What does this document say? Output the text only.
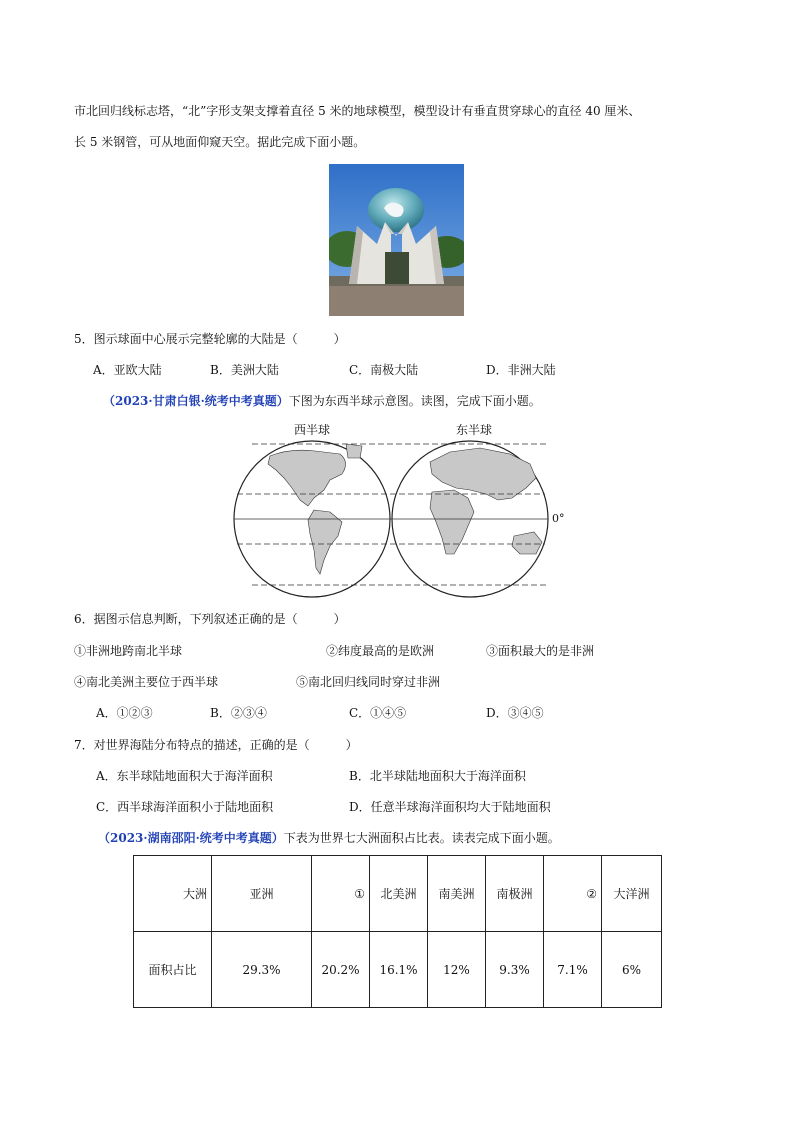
市北回归线标志塔，“北”字形支架支撑着直径 5 米的地球模型，模型设计有垂直贯穿球心的直径 40 厘米、
长 5 米钢管，可从地面仰窥天空。据此完成下面小题。
5．图示球面中心展示完整轮廓的大陆是（　　　）
A．亚欧大陆	B．美洲大陆	C．南极大陆	D．非洲大陆
（2023·甘肃白银·统考中考真题）下图为东西半球示意图。读图，完成下面小题。
西半球	东半球
0°
6．据图示信息判断，下列叙述正确的是（　　　）
①非洲地跨南北半球	②纬度最高的是欧洲	③面积最大的是非洲
④南北美洲主要位于西半球	⑤南北回归线同时穿过非洲
A．①②③	B．②③④	C．①④⑤	D．③④⑤
7．对世界海陆分布特点的描述，正确的是（　　　）
A．东半球陆地面积大于海洋面积	B．北半球陆地面积大于海洋面积
C．西半球海洋面积小于陆地面积	D．任意半球海洋面积均大于陆地面积
（2023·湖南邵阳·统考中考真题）下表为世界七大洲面积占比表。读表完成下面小题。
大洲	亚洲	①	北美洲	南美洲	南极洲	②	大洋洲
面积占比	29.3%	20.2%	16.1%	12%	9.3%	7.1%	6%
